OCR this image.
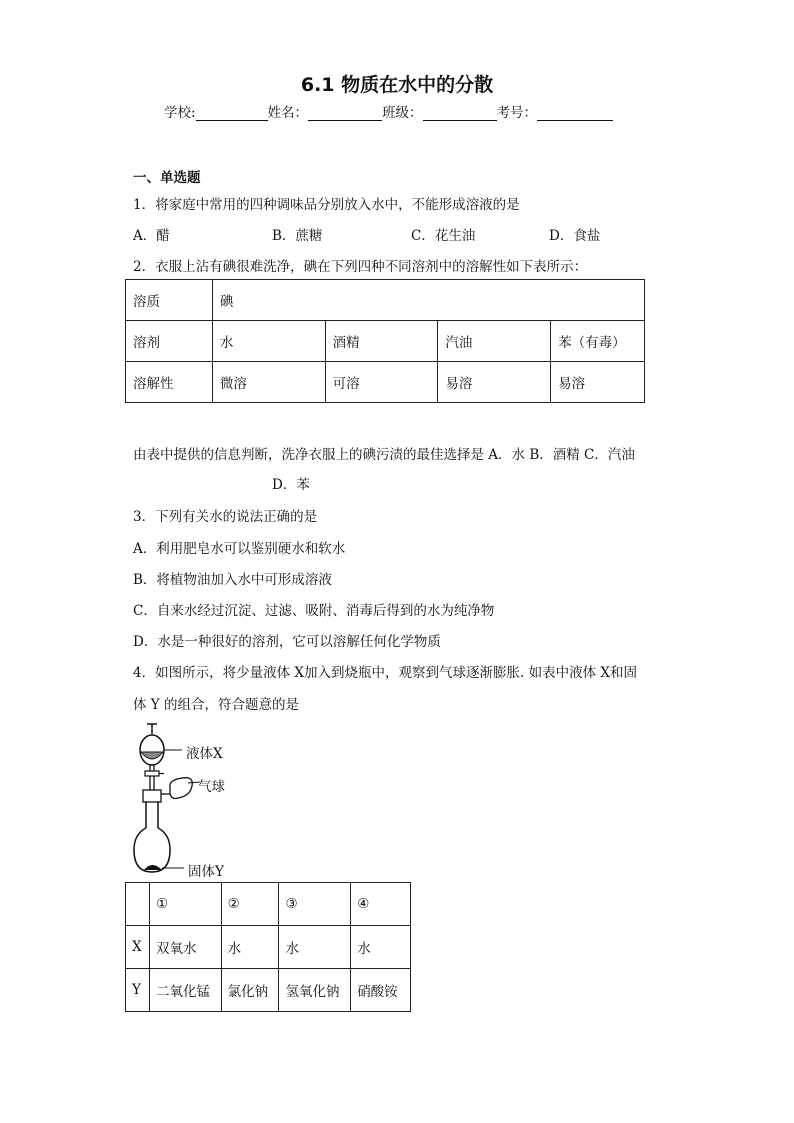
6.1 物质在水中的分散
学校:	姓名：	班级：	考号：
一、单选题
1．将家庭中常用的四种调味品分别放入水中，不能形成溶液的是
A．醋	B．蔗糖	C．花生油	D．食盐
2．衣服上沾有碘很难洗净，碘在下列四种不同溶剂中的溶解性如下表所示：
溶质	碘			
溶剂	水	酒精	汽油	苯（有毒）
溶解性	微溶	可溶	易溶	易溶
由表中提供的信息判断，洗净衣服上的碘污渍的最佳选择是 A．水 B．酒精 C．汽油
D．苯
3．下列有关水的说法正确的是
A．利用肥皂水可以鉴别硬水和软水
B．将植物油加入水中可形成溶液
C．自来水经过沉淀、过滤、吸附、消毒后得到的水为纯净物
D．水是一种很好的溶剂，它可以溶解任何化学物质
4．如图所示，将少量液体 X加入到烧瓶中，观察到气球逐渐膨胀. 如表中液体 X和固
体 Y 的组合，符合题意的是
液体X
气球
固体Y
	①	②	③	④
X	双氧水	水	水	水
Y	二氧化锰	氯化钠	氢氧化钠	硝酸铵
